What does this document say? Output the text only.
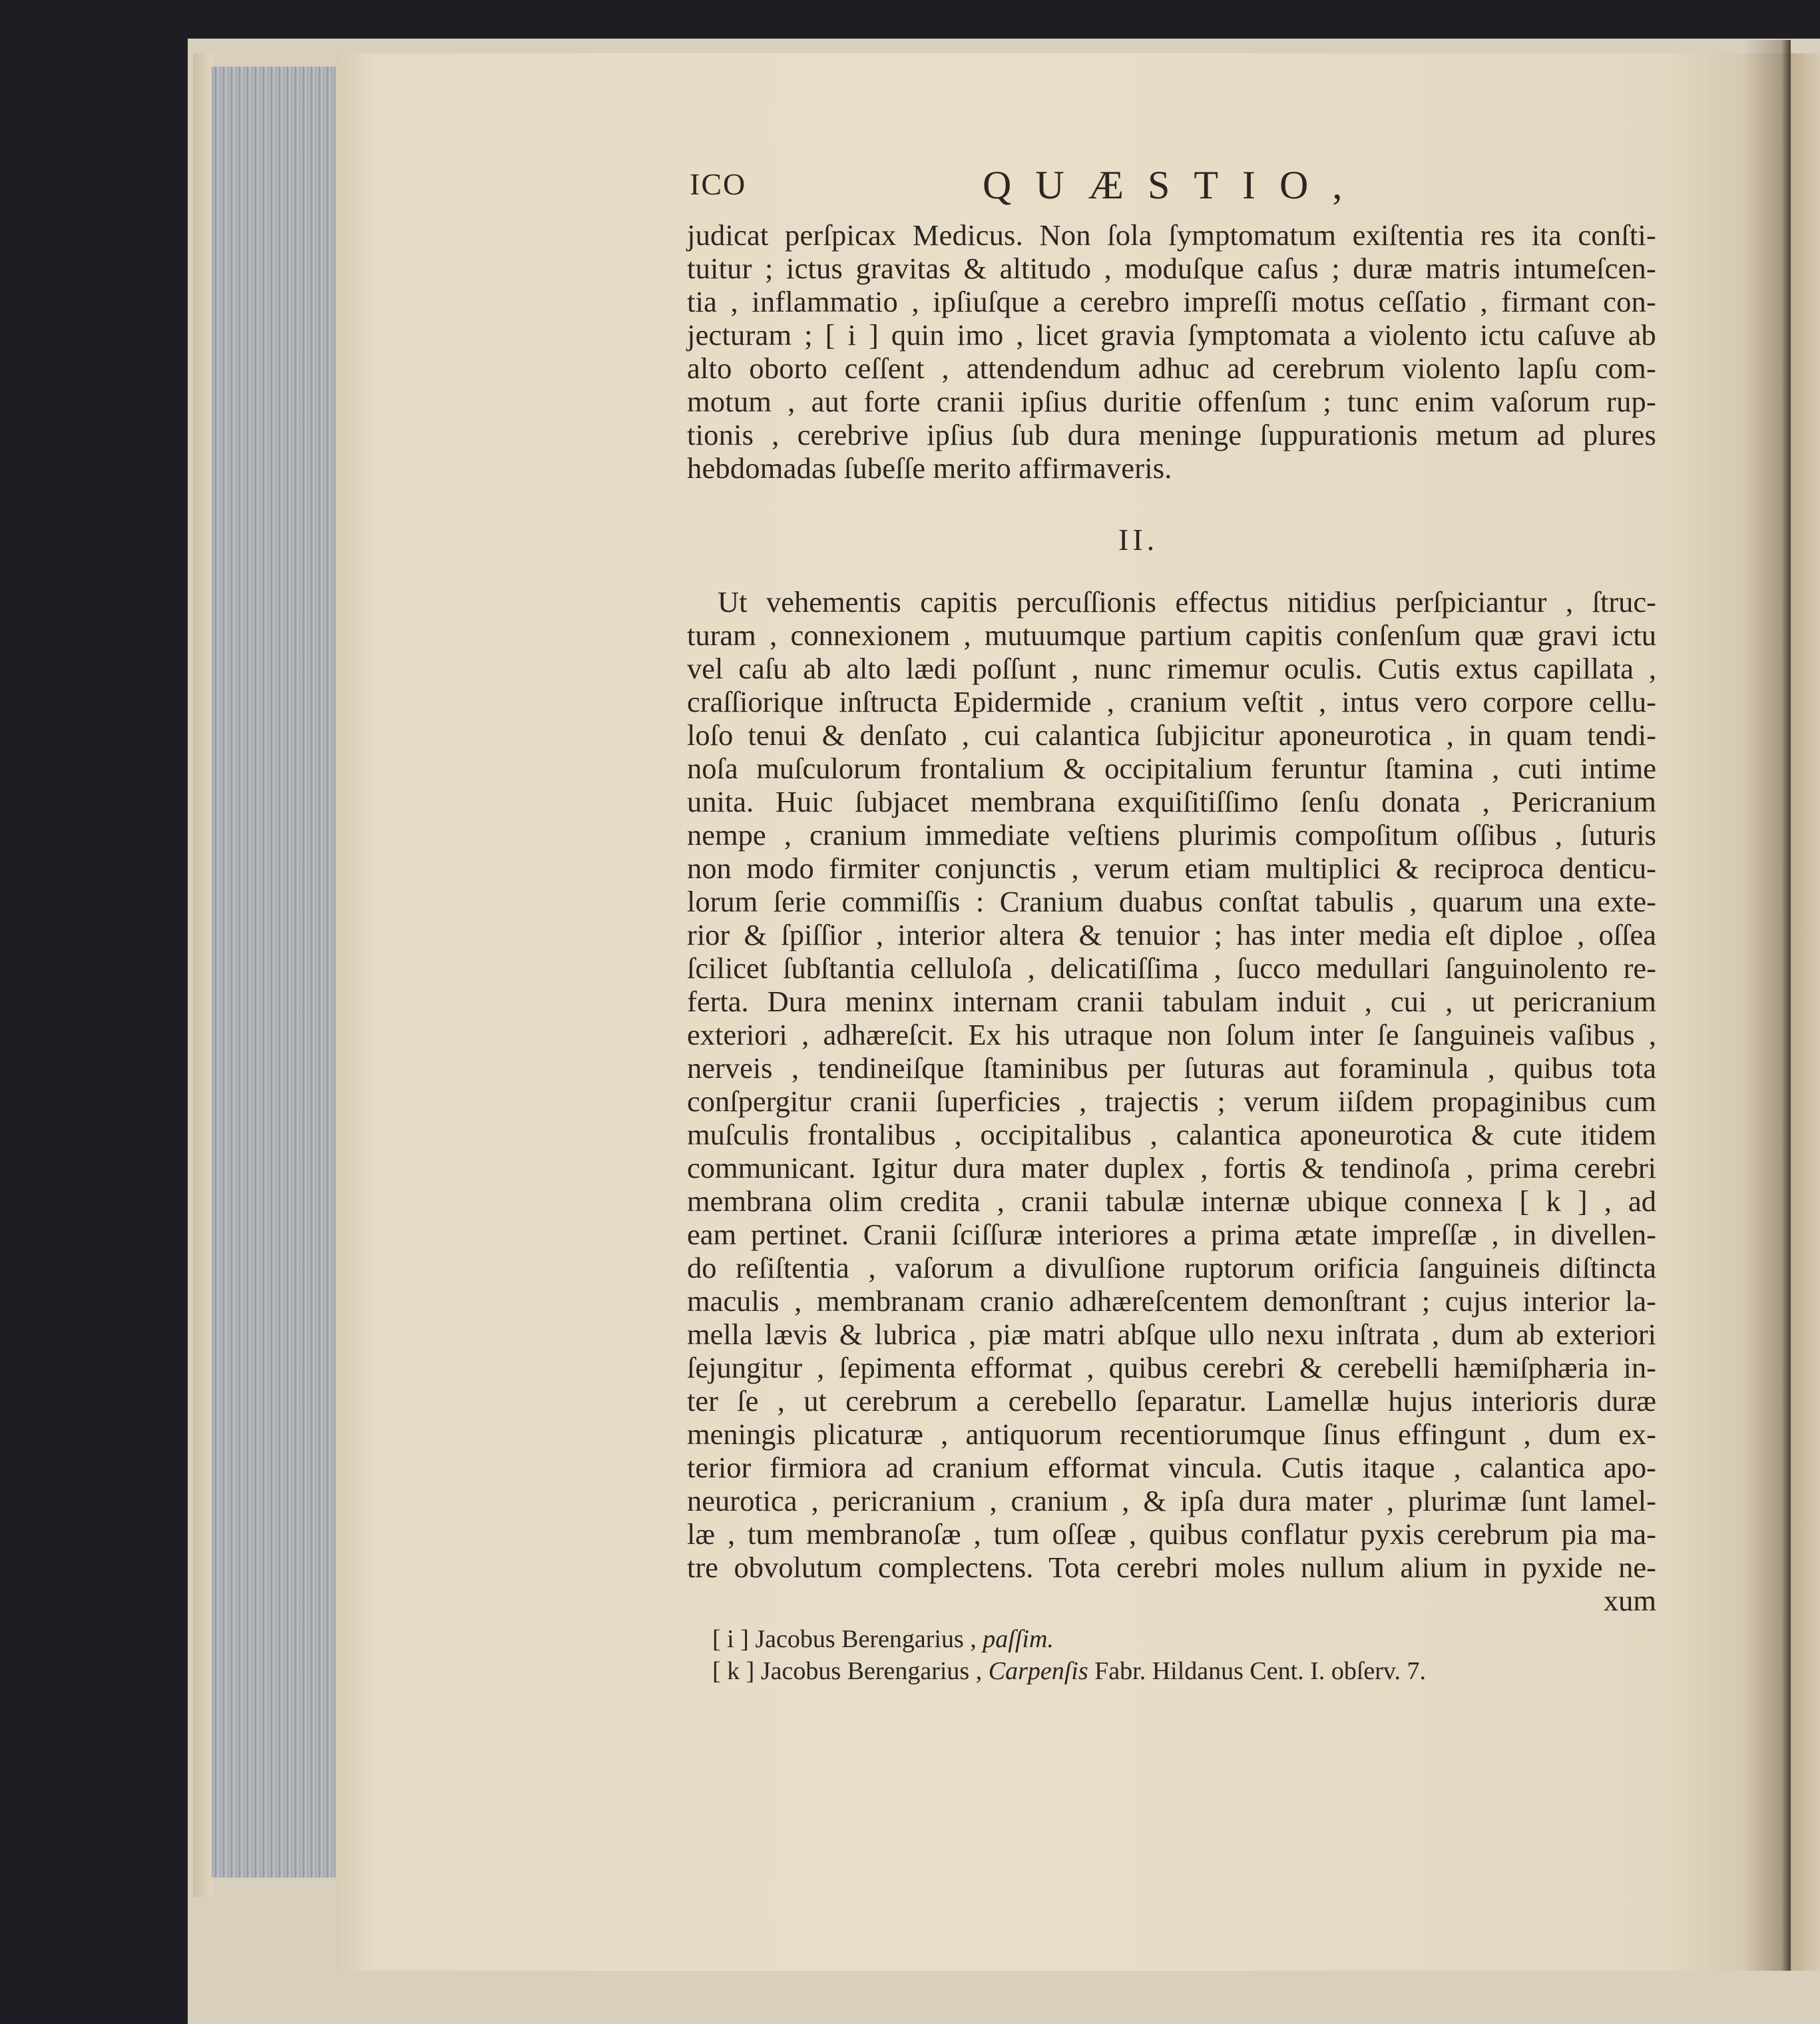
ICO	QUÆSTIO,
judicat perſpicax Medicus. Non ſola ſymptomatum exiſtentia res ita conſti-
tuitur ; ictus gravitas & altitudo , moduſque caſus ; duræ matris intumeſcen-
tia , inflammatio , ipſiuſque a cerebro impreſſi motus ceſſatio , firmant con-
jecturam ; [ i ] quin imo , licet gravia ſymptomata a violento ictu caſuve ab
alto oborto ceſſent , attendendum adhuc ad cerebrum violento lapſu com-
motum , aut forte cranii ipſius duritie offenſum ; tunc enim vaſorum rup-
tionis , cerebrive ipſius ſub dura meninge ſuppurationis metum ad plures
hebdomadas ſubeſſe merito affirmaveris.
II.
Ut vehementis capitis percuſſionis effectus nitidius perſpiciantur , ſtruc-
turam , connexionem , mutuumque partium capitis conſenſum quæ gravi ictu
vel caſu ab alto lædi poſſunt , nunc rimemur oculis. Cutis extus capillata ,
craſſiorique inſtructa Epidermide , cranium veſtit , intus vero corpore cellu-
loſo tenui & denſato , cui calantica ſubjicitur aponeurotica , in quam tendi-
noſa muſculorum frontalium & occipitalium feruntur ſtamina , cuti intime
unita. Huic ſubjacet membrana exquiſitiſſimo ſenſu donata , Pericranium
nempe , cranium immediate veſtiens plurimis compoſitum oſſibus , ſuturis
non modo firmiter conjunctis , verum etiam multiplici & reciproca denticu-
lorum ſerie commiſſis : Cranium duabus conſtat tabulis , quarum una exte-
rior & ſpiſſior , interior altera & tenuior ; has inter media eſt diploe , oſſea
ſcilicet ſubſtantia celluloſa , delicatiſſima , ſucco medullari ſanguinolento re-
ferta. Dura meninx internam cranii tabulam induit , cui , ut pericranium
exteriori , adhæreſcit. Ex his utraque non ſolum inter ſe ſanguineis vaſibus ,
nerveis , tendineiſque ſtaminibus per ſuturas aut foraminula , quibus tota
conſpergitur cranii ſuperficies , trajectis ; verum iiſdem propaginibus cum
muſculis frontalibus , occipitalibus , calantica aponeurotica & cute itidem
communicant. Igitur dura mater duplex , fortis & tendinoſa , prima cerebri
membrana olim credita , cranii tabulæ internæ ubique connexa [ k ] , ad
eam pertinet. Cranii ſciſſuræ interiores a prima ætate impreſſæ , in divellen-
do reſiſtentia , vaſorum a divulſione ruptorum orificia ſanguineis diſtincta
maculis , membranam cranio adhæreſcentem demonſtrant ; cujus interior la-
mella lævis & lubrica , piæ matri abſque ullo nexu inſtrata , dum ab exteriori
ſejungitur , ſepimenta efformat , quibus cerebri & cerebelli hæmiſphæria in-
ter ſe , ut cerebrum a cerebello ſeparatur. Lamellæ hujus interioris duræ
meningis plicaturæ , antiquorum recentiorumque ſinus effingunt , dum ex-
terior firmiora ad cranium efformat vincula. Cutis itaque , calantica apo-
neurotica , pericranium , cranium , & ipſa dura mater , plurimæ ſunt lamel-
læ , tum membranoſæ , tum oſſeæ , quibus conflatur pyxis cerebrum pia ma-
tre obvolutum complectens. Tota cerebri moles nullum alium in pyxide ne-
xum
[ i ] Jacobus Berengarius , paſſim.
[ k ] Jacobus Berengarius , Carpenſis Fabr. Hildanus Cent. I. obſerv. 7.
